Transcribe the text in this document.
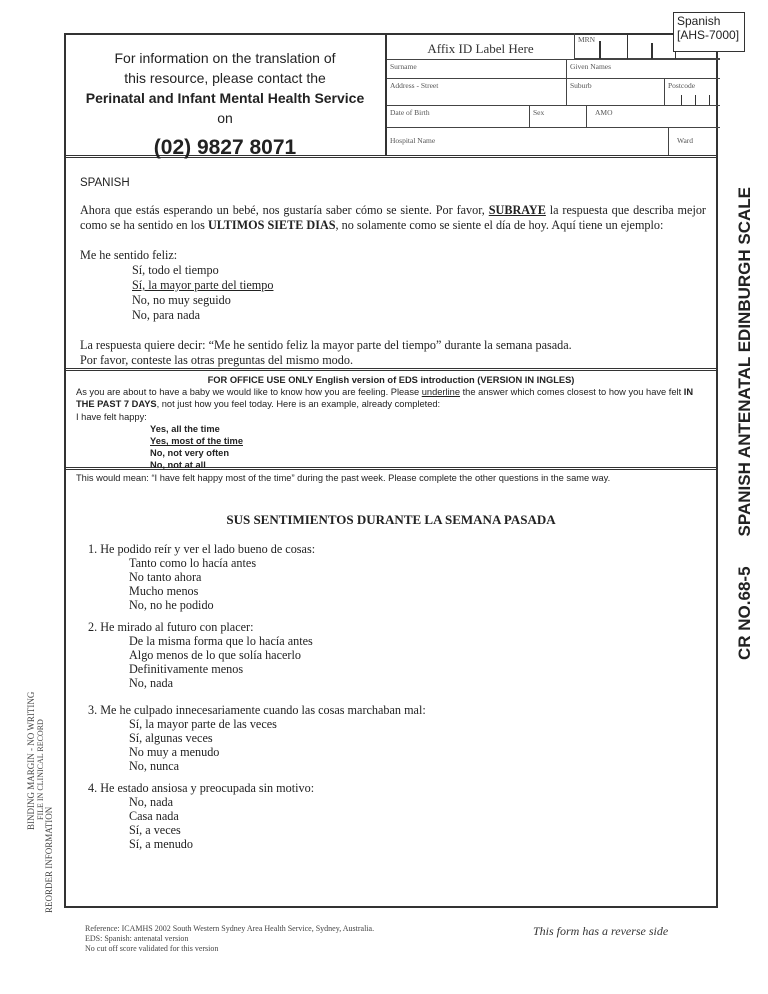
For information on the translation of
this resource, please contact the
Perinatal and Infant Mental Health Service
on
(02) 9827 8071
Affix ID Label Here
MRN
Surname	Given Names
Address - Street	Suburb	Postcode
Date of Birth	Sex	AMO
Hospital Name	Ward
Spanish
[AHS-7000]
CR NO.68-5SPANISH ANTENATAL EDINBURGH SCALE
BINDING MARGIN - NO WRITING FILE IN CLINICAL RECORD
REORDER INFORMATION
SPANISH
Ahora que estás esperando un bebé, nos gustaría saber cómo se siente. Por favor, SUBRAYE la respuesta que describa mejor como se ha sentido en los ULTIMOS SIETE DIAS, no solamente como se siente el día de hoy. Aquí tiene un ejemplo:
Me he sentido feliz:
Sí, todo el tiempo
Sí, la mayor parte del tiempo
No, no muy seguido
No, para nada
La respuesta quiere decir: “Me he sentido feliz la mayor parte del tiempo” durante la semana pasada.
Por favor, conteste las otras preguntas del mismo modo.
FOR OFFICE USE ONLY English version of EDS introduction (VERSION IN INGLES)
As you are about to have a baby we would like to know how you are feeling. Please underline the answer which comes closest to how you have felt IN THE PAST 7 DAYS, not just how you feel today. Here is an example, already completed:
I have felt happy:
Yes, all the time
Yes, most of the time
No, not very often
No, not at all
This would mean: “I have felt happy most of the time” during the past week. Please complete the other questions in the same way.
SUS SENTIMIENTOS DURANTE LA SEMANA PASADA
1. He podido reír y ver el lado bueno de cosas:
Tanto como lo hacía antes
No tanto ahora
Mucho menos
No, no he podido
2. He mirado al futuro con placer:
De la misma forma que lo hacía antes
Algo menos de lo que solía hacerlo
Definitivamente menos
No, nada
3. Me he culpado innecesariamente cuando las cosas marchaban mal:
Sí, la mayor parte de las veces
Sí, algunas veces
No muy a menudo
No, nunca
4. He estado ansiosa y preocupada sin motivo:
No, nada
Casa nada
Sí, a veces
Sí, a menudo
Reference: ICAMHS 2002 South Western Sydney Area Health Service, Sydney, Australia.
EDS: Spanish: antenatal version
No cut off score validated for this version
This form has a reverse side
